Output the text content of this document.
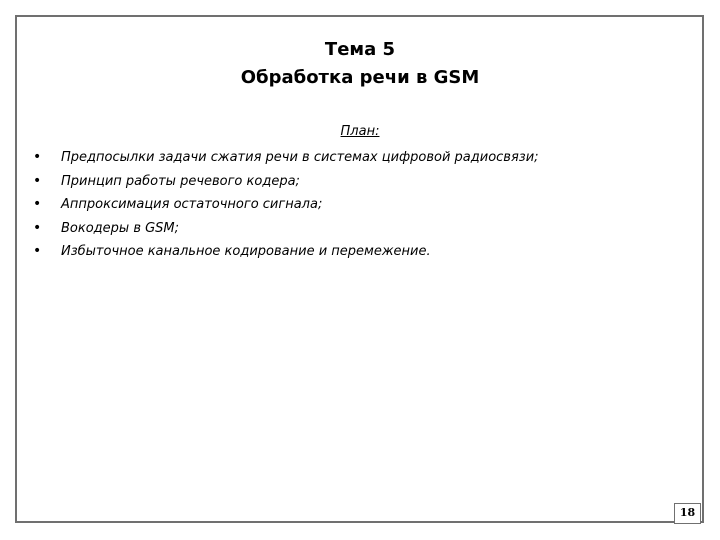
Тема 5
Обработка речи в GSM
План:
• Предпосылки задачи сжатия речи в системах цифровой радиосвязи;
• Принцип работы речевого кодера;
• Аппроксимация остаточного сигнала;
• Вокодеры в GSM;
• Избыточное канальное кодирование и перемежение.
18
